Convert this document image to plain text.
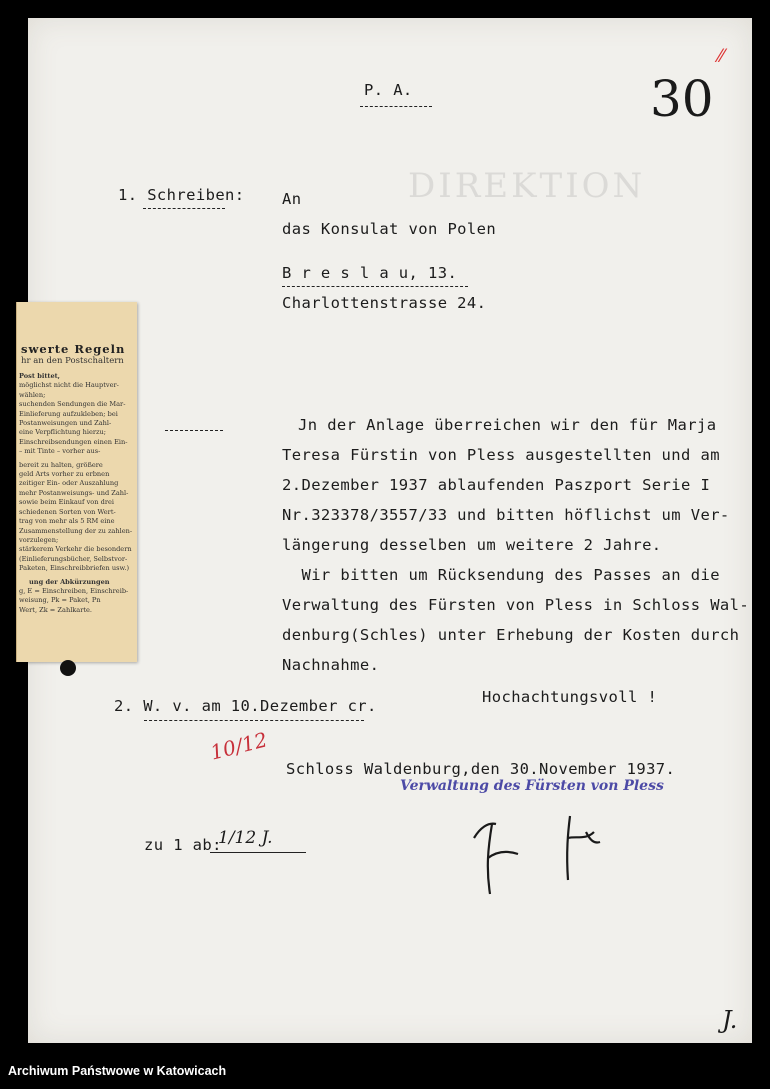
DIREKTION
P. A.	30
⁄⁄
1. Schreiben: An
das Konsulat von Polen
B r e s l a u, 13.
Charlottenstrasse 24.
Jn der Anlage überreichen wir den für Marja
Teresa Fürstin von Pless ausgestellten und am
2.Dezember 1937 ablaufenden Paszport Serie I
Nr.323378/3557/33 und bitten höflichst um Ver-
längerung desselben um weitere 2 Jahre.
Wir bitten um Rücksendung des Passes an die
Verwaltung des Fürsten von Pless in Schloss Wal-
denburg(Schles) unter Erhebung der Kosten durch
Nachnahme.
Hochachtungsvoll !
2. W. v. am 10.Dezember cr.
10/12
Schloss Waldenburg,den 30.November 1937.
Verwaltung des Fürsten von Pless
zu 1 ab:
1/12 J.
J.
swerte Regeln
hr an den Postschaltern
Post bittet,
möglichst nicht die Hauptver-
wählen;
suchenden Sendungen die Mar-
Einlieferung aufzukleben; bei
Postanweisungen und Zahl-
eine Verpflichtung hierzu;
Einschreibsendungen einen Ein-
– mit Tinte – vorher aus-
bereit zu halten, größere
geld Arts vorher zu erbnen
zeitiger Ein- oder Auszahlung
mehr Postanweisungs- und Zahl-
sowie beim Einkauf von drei
schiedenen Sorten von Wert-
trag von mehr als 5 RM eine
Zusammenstellung der zu zahlen-
vorzulegen;
stärkerem Verkehr die besondern
(Einlieferungsbücher, Selbstvor-
Paketen, Einschreibbriefen usw.)
ung der Abkürzungen
g, E = Einschreiben, Einschreib-
weisung, Pk = Paket, Pn
Wert, Zk = Zahlkarte.
Archiwum Państwowe w Katowicach
